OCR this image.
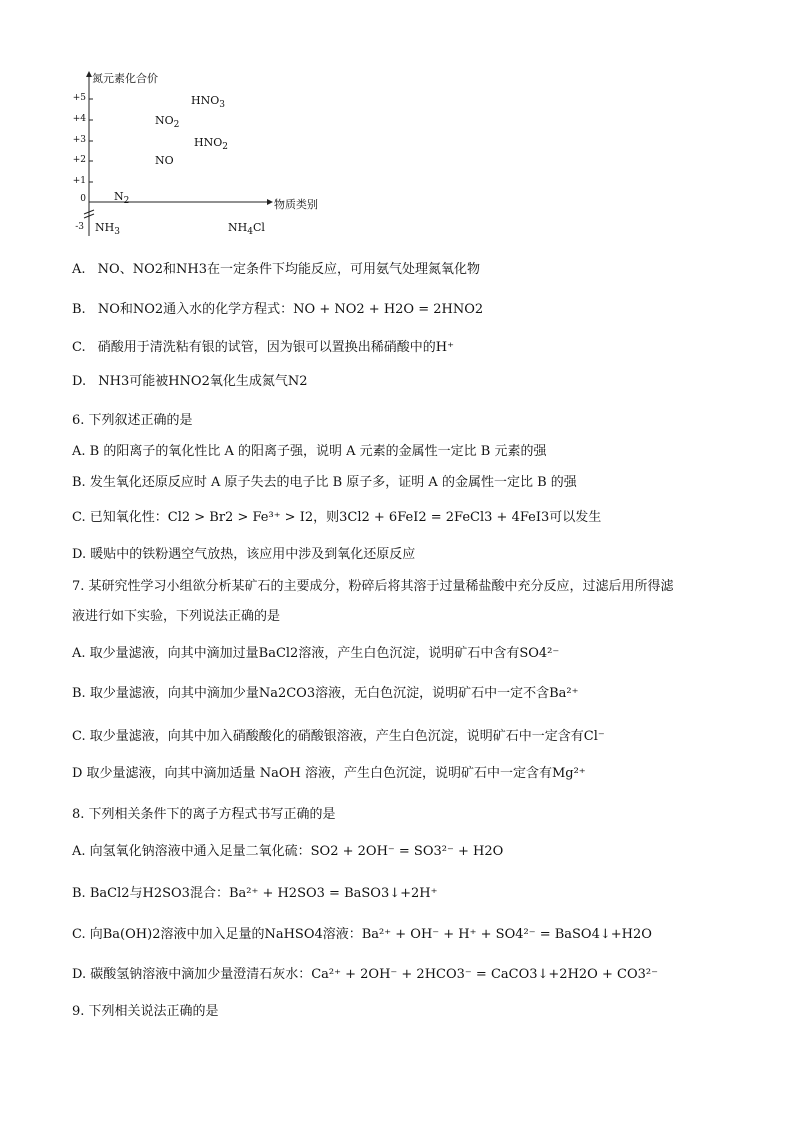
氮元素化合价
物质类别
+5
+4
+3
+2
+1
0
-3
$HNO_3$
$NO_2$
$HNO_2$
NO
$N_2$
$NH_3$	$NH_4Cl$
A. NO、NO2和NH3在一定条件下均能反应，可用氨气处理氮氧化物
B. NO和NO2通入水的化学方程式：NO + NO2 + H2O = 2HNO2
C. 硝酸用于清洗粘有银的试管，因为银可以置换出稀硝酸中的H⁺
D. NH3可能被HNO2氧化生成氮气N2
6. 下列叙述正确的是
A. B 的阳离子的氧化性比 A 的阳离子强，说明 A 元素的金属性一定比 B 元素的强
B. 发生氧化还原反应时 A 原子失去的电子比 B 原子多，证明 A 的金属性一定比 B 的强
C. 已知氧化性：Cl2 > Br2 > Fe³⁺ > I2，则3Cl2 + 6FeI2 = 2FeCl3 + 4FeI3可以发生
D. 暖贴中的铁粉遇空气放热，该应用中涉及到氧化还原反应
7. 某研究性学习小组欲分析某矿石的主要成分，粉碎后将其溶于过量稀盐酸中充分反应，过滤后用所得滤
液进行如下实验，下列说法正确的是
A. 取少量滤液，向其中滴加过量BaCl2溶液，产生白色沉淀，说明矿石中含有SO4²⁻
B. 取少量滤液，向其中滴加少量Na2CO3溶液，无白色沉淀，说明矿石中一定不含Ba²⁺
C. 取少量滤液，向其中加入硝酸酸化的硝酸银溶液，产生白色沉淀，说明矿石中一定含有Cl⁻
D 取少量滤液，向其中滴加适量 NaOH 溶液，产生白色沉淀，说明矿石中一定含有Mg²⁺
8. 下列相关条件下的离子方程式书写正确的是
A. 向氢氧化钠溶液中通入足量二氧化硫：SO2 + 2OH⁻ = SO3²⁻ + H2O
B. BaCl2与H2SO3混合：Ba²⁺ + H2SO3 = BaSO3↓+2H⁺
C. 向Ba(OH)2溶液中加入足量的NaHSO4溶液：Ba²⁺ + OH⁻ + H⁺ + SO4²⁻ = BaSO4↓+H2O
D. 碳酸氢钠溶液中滴加少量澄清石灰水：Ca²⁺ + 2OH⁻ + 2HCO3⁻ = CaCO3↓+2H2O + CO3²⁻
9. 下列相关说法正确的是
